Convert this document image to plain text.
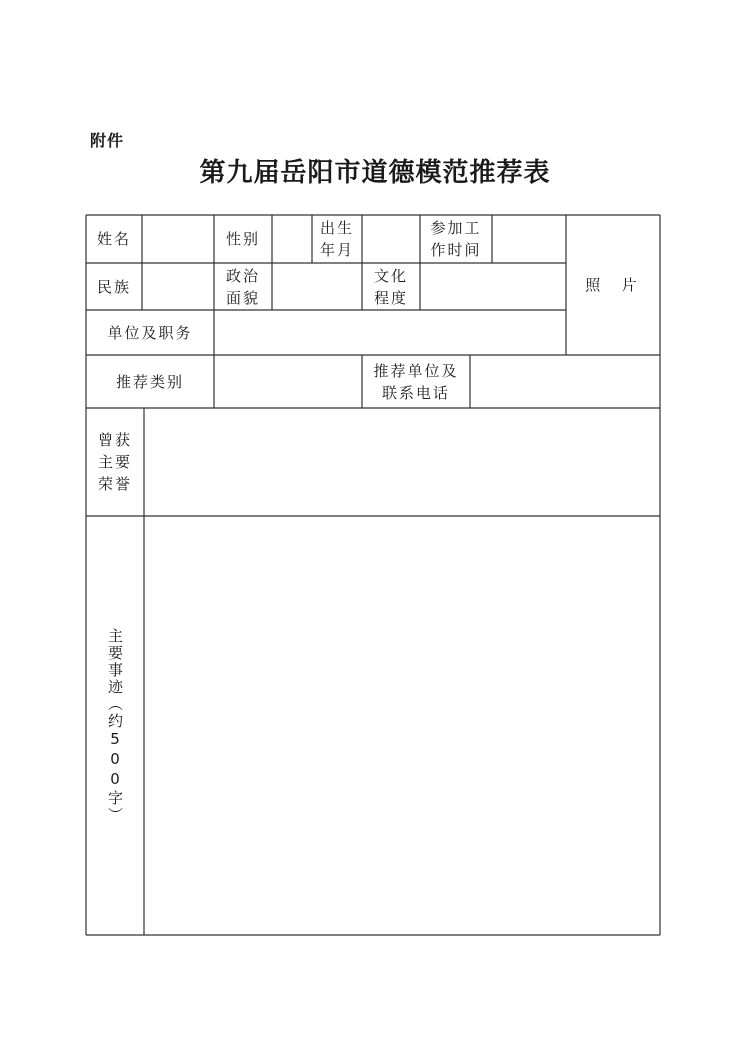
附件
第九届岳阳市道德模范推荐表
姓名	性别
出生
年月
参加工
作时间
照  片
民族
政治
面貌
文化
程度
单位及职务
推荐类别
推荐单位及
联系电话
曾获
主要
荣誉
主要事迹（约500字）
